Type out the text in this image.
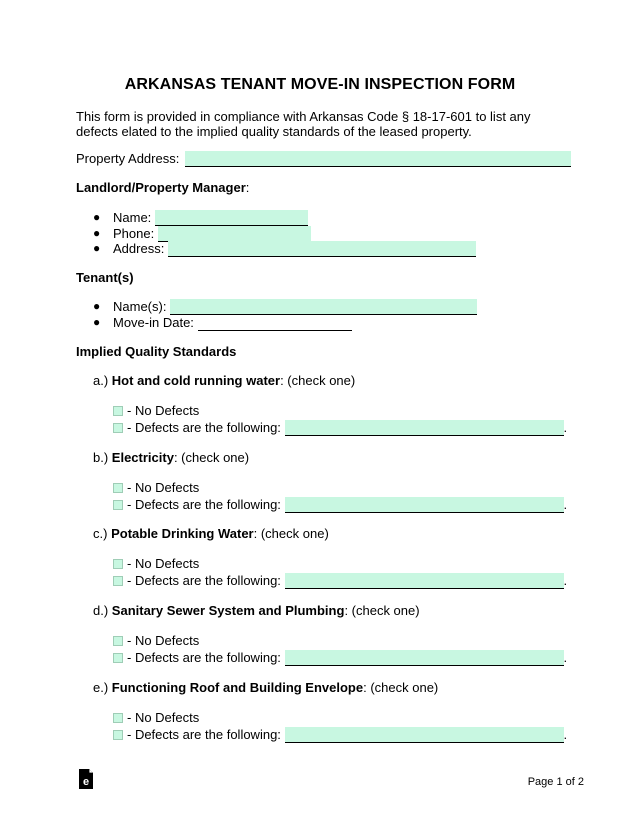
ARKANSAS TENANT MOVE-IN INSPECTION FORM
This form is provided in compliance with Arkansas Code § 18-17-601 to list any defects elated to the implied quality standards of the leased property.
Property Address:
Landlord/Property Manager:
● Name:
● Phone:
● Address:
Tenant(s)
● Name(s):
● Move-in Date:
Implied Quality Standards
a.) Hot and cold running water: (check one)
- No Defects
- Defects are the following:	.
b.) Electricity: (check one)
- No Defects
- Defects are the following:	.
c.) Potable Drinking Water: (check one)
- No Defects
- Defects are the following:	.
d.) Sanitary Sewer System and Plumbing: (check one)
- No Defects
- Defects are the following:	.
e.) Functioning Roof and Building Envelope: (check one)
- No Defects
- Defects are the following:	.
e	Page 1 of 2
